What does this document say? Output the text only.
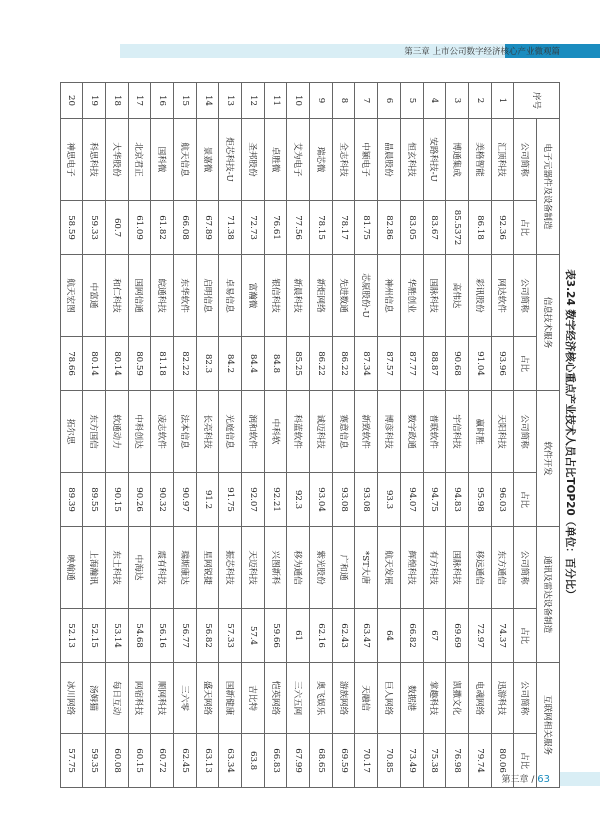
第三章 上市公司数字经济核心产业微观篇
表3.24 数字经济核心重点产业技术人员占比TOP20（单位：百分比）
序号	电子元器件及设备制造		信息技术服务		软件开发		通讯及雷达设备制造		互联网相关服务	
	公司简称	占比	公司简称	占比	公司简称	占比	公司简称	占比	公司简称	占比
1	汇顶科技	92.36	网达软件	93.96	天阳科技	96.03	东方通信	74.37	迅游科技	80.06
2	美格智能	86.18	彩讯股份	91.04	赢时胜	95.98	移远通信	72.97	电魂网络	79.74
3	博通集成	85.5372	高伟达	90.68	宇信科技	94.83	国脉科技	69.69	凯撒文化	76.98
4	安路科技-U	83.67	国脉科技	88.87	普联软件	94.75	有方科技	67	掌趣科技	75.38
5	恒玄科技	83.05	华胜创业	87.77	数字政通	94.07	辉煌科技	66.82	数据港	73.49
6	晶晨股份	82.86	神州信息	87.57	博彦科技	93.3	航天发展	64	巨人网络	70.85
7	中颖电子	81.75	芯原股份-U	87.34	新致软件	93.08	*ST大唐	63.47	天融信	70.17
8	全志科技	78.17	先进数通	86.22	赛意信息	93.08	广和通	62.43	游族网络	69.59
9	瑞芯微	78.15	新炬网络	86.22	诚迈科技	93.04	紫光股份	62.16	奥飞娱乐	68.65
10	艾为电子	77.56	新晨科技	85.25	科蓝软件	92.3	移为通信	61	三六五网	67.99
11	卓胜微	76.61	银信科技	84.8	中科软	92.21	兴图新科	59.66	恺英网络	66.83
12	圣邦股份	72.73	富瀚微	84.4	润和软件	92.07	天迈科技	57.4	吉比特	63.8
13	炬芯科技-U	71.38	卓易信息	84.2	光庭信息	91.75	振芯科技	57.33	国新健康	63.34
14	景嘉微	67.89	启明信息	82.3	长亮科技	91.2	星网锐捷	56.82	盛天网络	63.13
15	航天信息	66.08	东华软件	82.22	法本信息	90.97	瑞斯康达	56.77	三六零	62.45
16	国科微	61.82	皖通科技	81.18	凌志软件	90.32	震有科技	56.16	顺网科技	60.72
17	北京君正	61.09	国网信通	80.59	中科创达	90.26	中海达	54.68	网宿科技	60.15
18	大华股份	60.7	和仁科技	80.14	软通动力	90.15	东土科技	53.14	每日互动	60.08
19	科思科技	59.33	中富通	80.14	东方国信	89.55	上海瀚讯	52.15	汤姆猫	59.35
20	神思电子	58.59	航天宏图	78.66	拓尔思	89.39	映翰通	52.13	冰川网络	57.75
第三章 / 63
